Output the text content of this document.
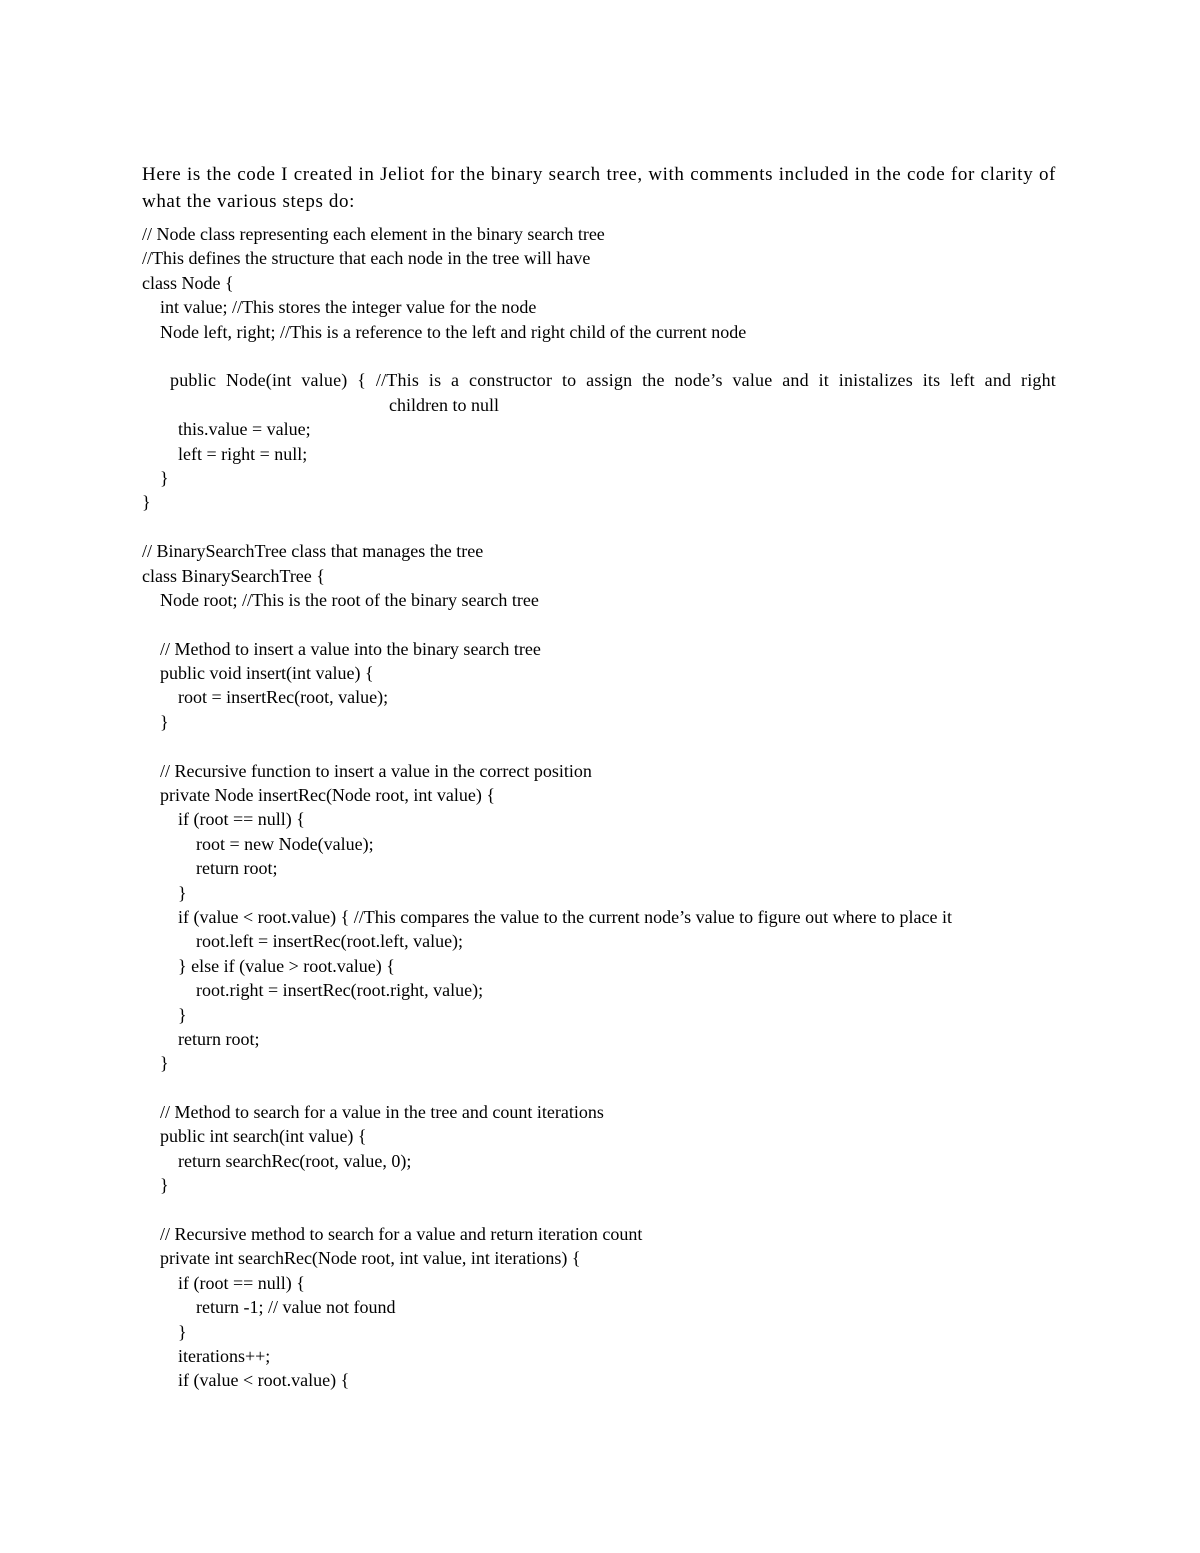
Here is the code I created in Jeliot for the binary search tree, with comments included in the code for clarity of what the various steps do:

// Node class representing each element in the binary search tree
//This defines the structure that each node in the tree will have
class Node {
int value; //This stores the integer value for the node
Node left, right; //This is a reference to the left and right child of the current node
public Node(int value) { //This is a constructor to assign the node’s value and it inistalizes its left and right
children to null
this.value = value;
left = right = null;
}
}
// BinarySearchTree class that manages the tree
class BinarySearchTree {
Node root; //This is the root of the binary search tree
// Method to insert a value into the binary search tree
public void insert(int value) {
root = insertRec(root, value);
}
// Recursive function to insert a value in the correct position
private Node insertRec(Node root, int value) {
if (root == null) {
root = new Node(value);
return root;
}
if (value < root.value) { //This compares the value to the current node’s value to figure out where to place it
root.left = insertRec(root.left, value);
} else if (value > root.value) {
root.right = insertRec(root.right, value);
}
return root;
}
// Method to search for a value in the tree and count iterations
public int search(int value) {
return searchRec(root, value, 0);
}
// Recursive method to search for a value and return iteration count
private int searchRec(Node root, int value, int iterations) {
if (root == null) {
return -1; // value not found
}
iterations++;
if (value < root.value) {
